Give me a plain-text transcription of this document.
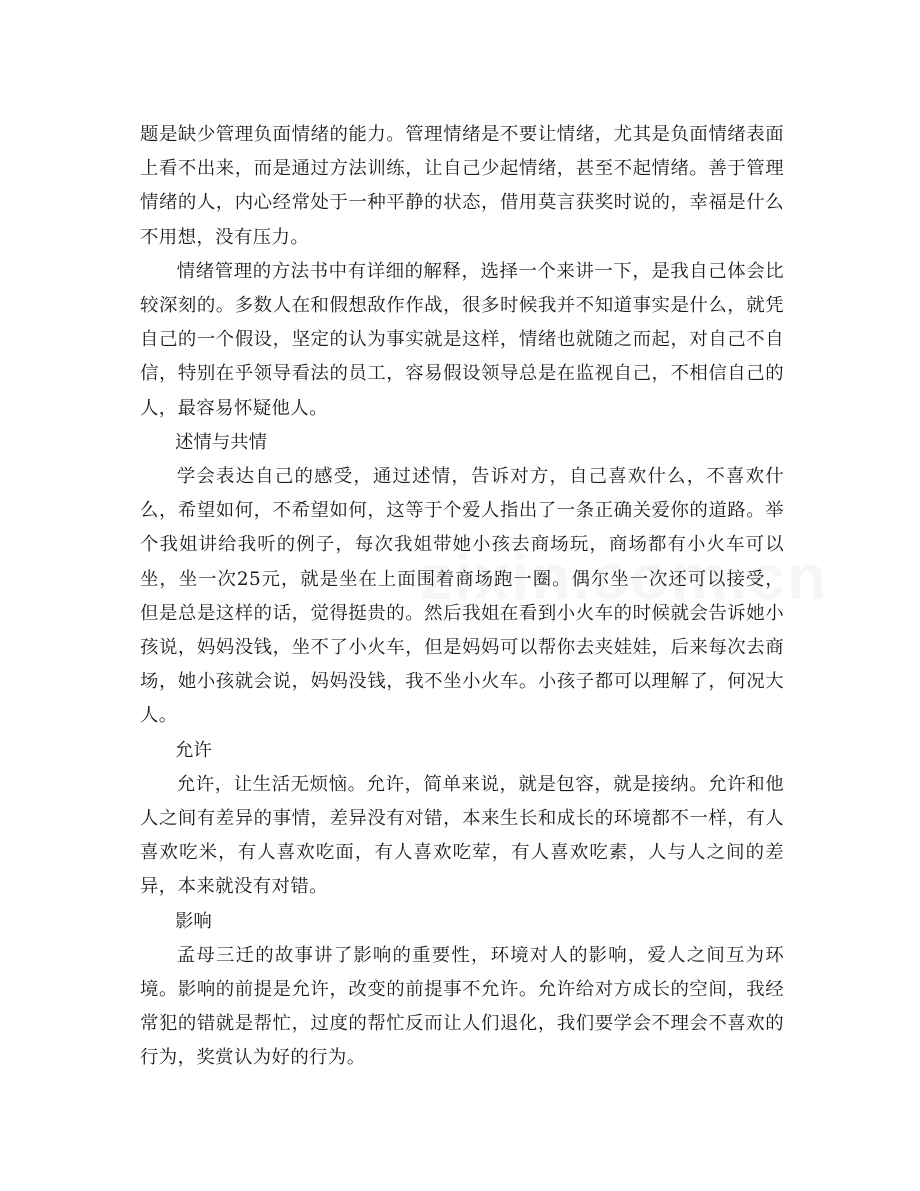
题是缺少管理负面情绪的能力。管理情绪是不要让情绪，尤其是负面情绪表面上看不出来，而是通过方法训练，让自己少起情绪，甚至不起情绪。善于管理情绪的人，内心经常处于一种平静的状态，借用莫言获奖时说的，幸福是什么不用想，没有压力。

情绪管理的方法书中有详细的解释，选择一个来讲一下，是我自己体会比较深刻的。多数人在和假想敌作作战，很多时候我并不知道事实是什么，就凭自己的一个假设，坚定的认为事实就是这样，情绪也就随之而起，对自己不自信，特别在乎领导看法的员工，容易假设领导总是在监视自己，不相信自己的人，最容易怀疑他人。

述情与共情

学会表达自己的感受，通过述情，告诉对方，自己喜欢什么，不喜欢什么，希望如何，不希望如何，这等于个爱人指出了一条正确关爱你的道路。举个我姐讲给我听的例子，每次我姐带她小孩去商场玩，商场都有小火车可以坐，坐一次25元，就是坐在上面围着商场跑一圈。偶尔坐一次还可以接受，但是总是这样的话，觉得挺贵的。然后我姐在看到小火车的时候就会告诉她小孩说，妈妈没钱，坐不了小火车，但是妈妈可以帮你去夹娃娃，后来每次去商场，她小孩就会说，妈妈没钱，我不坐小火车。小孩子都可以理解了，何况大人。

允许

允许，让生活无烦恼。允许，简单来说，就是包容，就是接纳。允许和他人之间有差异的事情，差异没有对错，本来生长和成长的环境都不一样，有人喜欢吃米，有人喜欢吃面，有人喜欢吃荤，有人喜欢吃素，人与人之间的差异，本来就没有对错。

影响

孟母三迁的故事讲了影响的重要性，环境对人的影响，爱人之间互为环境。影响的前提是允许，改变的前提事不允许。允许给对方成长的空间，我经常犯的错就是帮忙，过度的帮忙反而让人们退化，我们要学会不理会不喜欢的行为，奖赏认为好的行为。
